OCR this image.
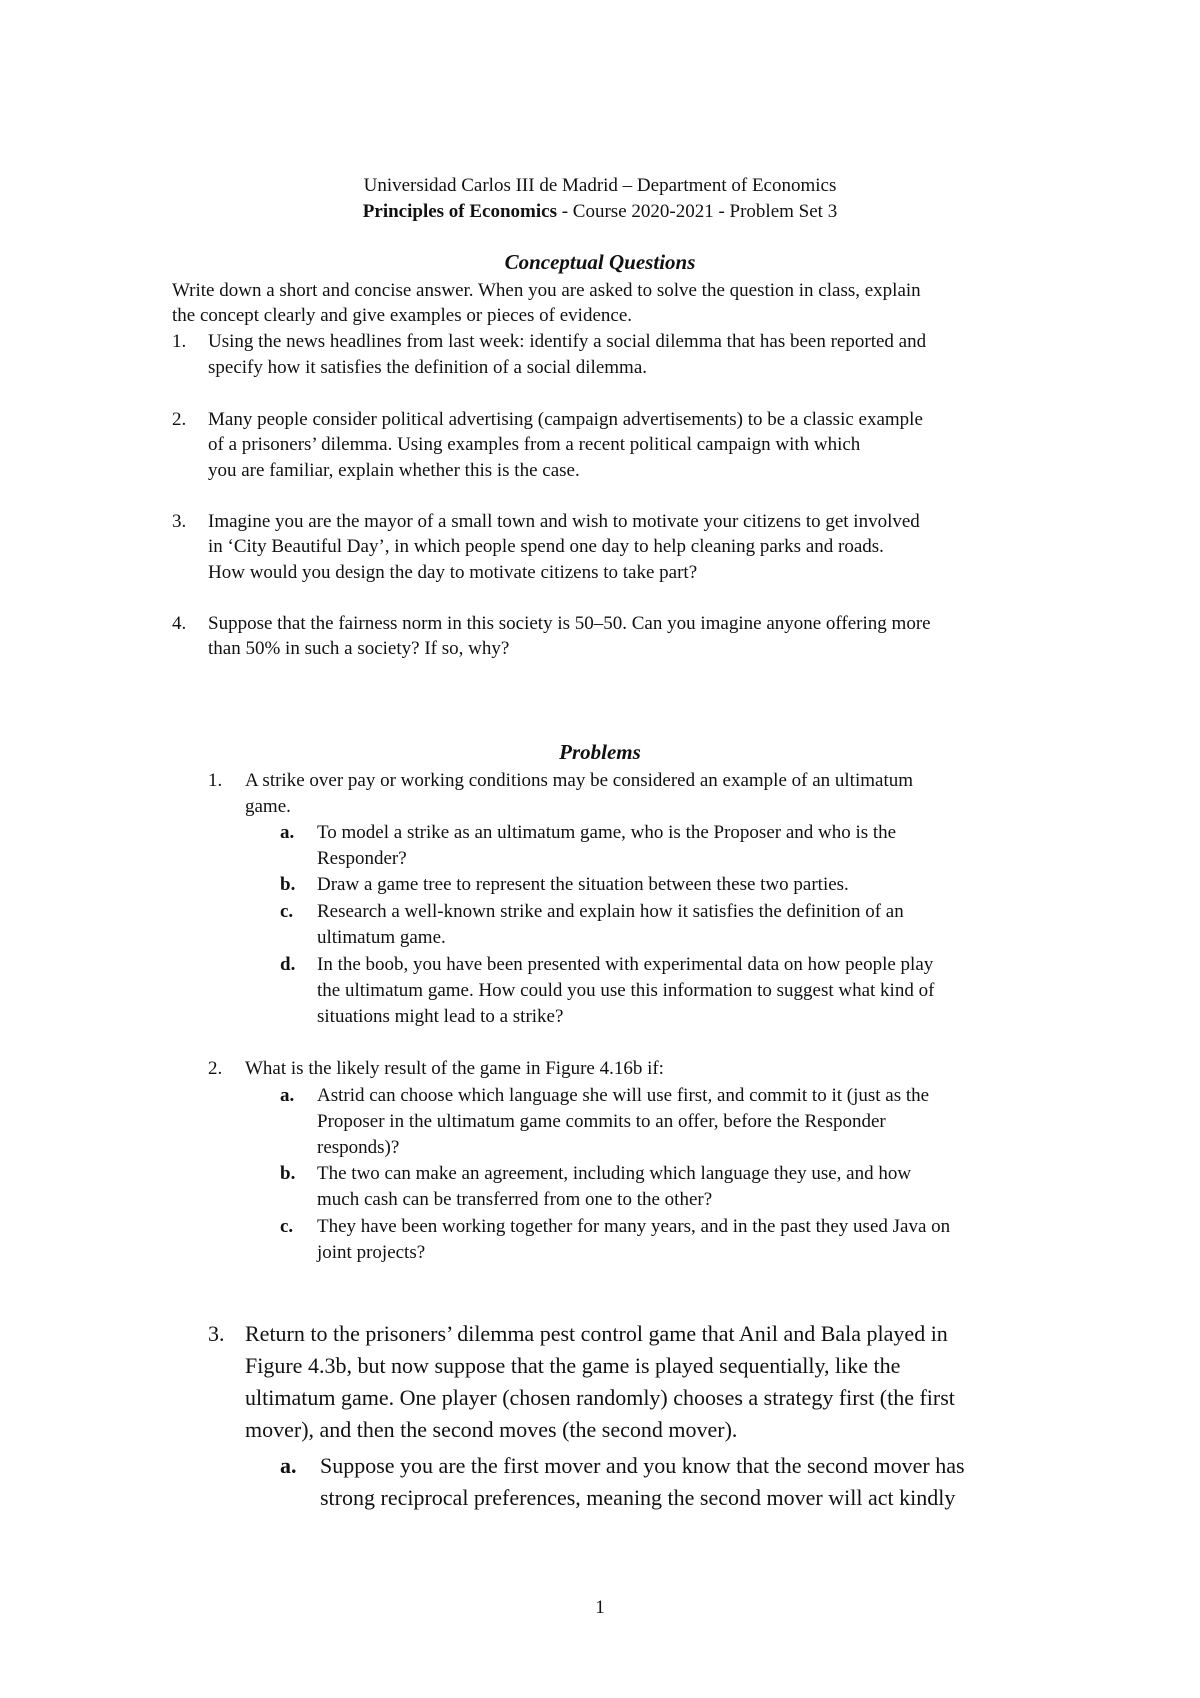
Universidad Carlos III de Madrid – Department of Economics
Principles of Economics - Course 2020-2021 - Problem Set 3
Conceptual Questions
Write down a short and concise answer. When you are asked to solve the question in class, explain
the concept clearly and give examples or pieces of evidence.
1. Using the news headlines from last week: identify a social dilemma that has been reported and
specify how it satisfies the definition of a social dilemma.
2. Many people consider political advertising (campaign advertisements) to be a classic example
of a prisoners’ dilemma. Using examples from a recent political campaign with which
you are familiar, explain whether this is the case.
3. Imagine you are the mayor of a small town and wish to motivate your citizens to get involved
in ‘City Beautiful Day’, in which people spend one day to help cleaning parks and roads.
How would you design the day to motivate citizens to take part?
4. Suppose that the fairness norm in this society is 50–50. Can you imagine anyone offering more
than 50% in such a society? If so, why?
Problems
1. A strike over pay or working conditions may be considered an example of an ultimatum
game.
a. To model a strike as an ultimatum game, who is the Proposer and who is the
Responder?
b. Draw a game tree to represent the situation between these two parties.
c. Research a well-known strike and explain how it satisfies the definition of an
ultimatum game.
d. In the boob, you have been presented with experimental data on how people play
the ultimatum game. How could you use this information to suggest what kind of
situations might lead to a strike?
2. What is the likely result of the game in Figure 4.16b if:
a. Astrid can choose which language she will use first, and commit to it (just as the
Proposer in the ultimatum game commits to an offer, before the Responder
responds)?
b. The two can make an agreement, including which language they use, and how
much cash can be transferred from one to the other?
c. They have been working together for many years, and in the past they used Java on
joint projects?
3. Return to the prisoners’ dilemma pest control game that Anil and Bala played in
Figure 4.3b, but now suppose that the game is played sequentially, like the
ultimatum game. One player (chosen randomly) chooses a strategy first (the first
mover), and then the second moves (the second mover).
a. Suppose you are the first mover and you know that the second mover has
strong reciprocal preferences, meaning the second mover will act kindly
1
